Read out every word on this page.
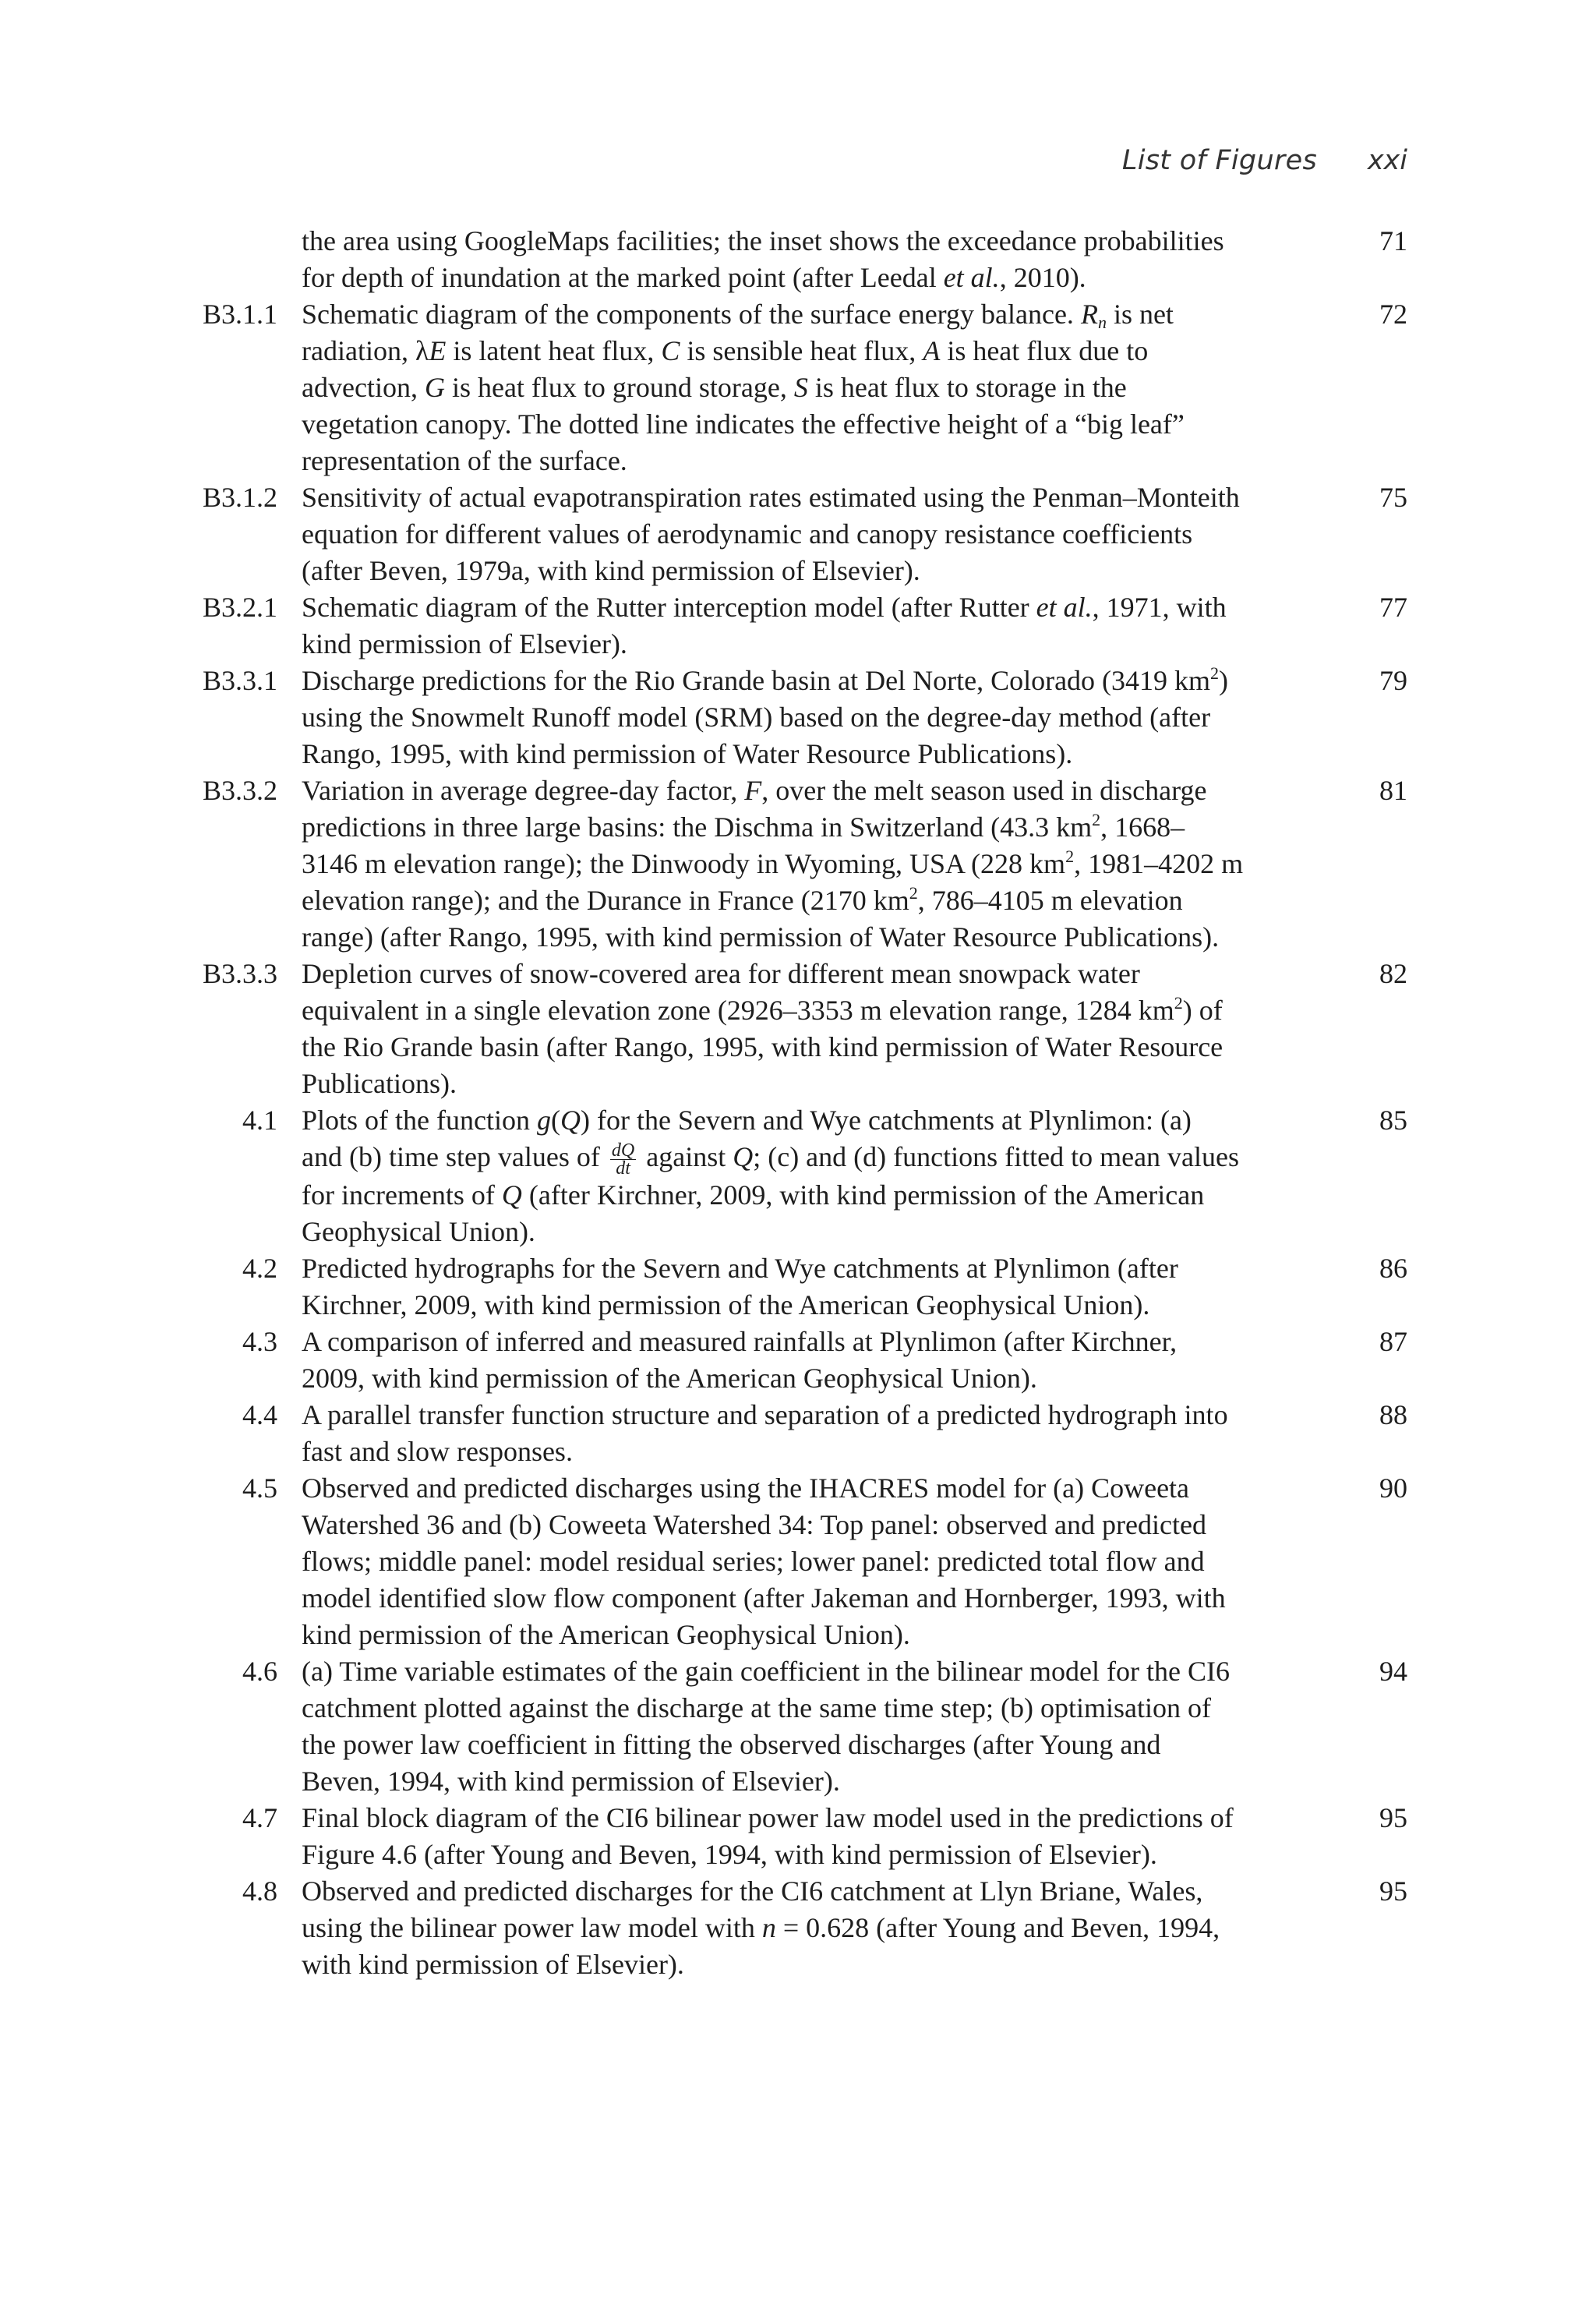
List of Figures xxi
the area using GoogleMaps facilities; the inset shows the exceedance probabilities
for depth of inundation at the marked point (after Leedal et al., 2010).
71
B3.1.1 Schematic diagram of the components of the surface energy balance. $R_n$ is net
radiation, λE is latent heat flux, C is sensible heat flux, A is heat flux due to
advection, G is heat flux to ground storage, S is heat flux to storage in the
vegetation canopy. The dotted line indicates the effective height of a “big leaf”
representation of the surface.
72
B3.1.2 Sensitivity of actual evapotranspiration rates estimated using the Penman–Monteith
equation for different values of aerodynamic and canopy resistance coefficients
(after Beven, 1979a, with kind permission of Elsevier).
75
B3.2.1 Schematic diagram of the Rutter interception model (after Rutter et al., 1971, with
kind permission of Elsevier).
77
B3.3.1 Discharge predictions for the Rio Grande basin at Del Norte, Colorado (3419 $km^2$)
using the Snowmelt Runoff model (SRM) based on the degree-day method (after
Rango, 1995, with kind permission of Water Resource Publications).
79
B3.3.2 Variation in average degree-day factor, F, over the melt season used in discharge
predictions in three large basins: the Dischma in Switzerland (43.3 $km^2$, 1668–
3146 m elevation range); the Dinwoody in Wyoming, USA (228 $km^2$, 1981–4202 m
elevation range); and the Durance in France (2170 $km^2$, 786–4105 m elevation
range) (after Rango, 1995, with kind permission of Water Resource Publications).
81
B3.3.3 Depletion curves of snow-covered area for different mean snowpack water
equivalent in a single elevation zone (2926–3353 m elevation range, 1284 $km^2$) of
the Rio Grande basin (after Rango, 1995, with kind permission of Water Resource
Publications).
82
4.1 Plots of the function g(Q) for the Severn and Wye catchments at Plynlimon: (a)
and (b) time step values of $\frac{dQ}{dt}$ against Q; (c) and (d) functions fitted to mean values
for increments of Q (after Kirchner, 2009, with kind permission of the American
Geophysical Union).
85
4.2 Predicted hydrographs for the Severn and Wye catchments at Plynlimon (after
Kirchner, 2009, with kind permission of the American Geophysical Union).
86
4.3 A comparison of inferred and measured rainfalls at Plynlimon (after Kirchner,
2009, with kind permission of the American Geophysical Union).
87
4.4 A parallel transfer function structure and separation of a predicted hydrograph into
fast and slow responses.
88
4.5 Observed and predicted discharges using the IHACRES model for (a) Coweeta
Watershed 36 and (b) Coweeta Watershed 34: Top panel: observed and predicted
flows; middle panel: model residual series; lower panel: predicted total flow and
model identified slow flow component (after Jakeman and Hornberger, 1993, with
kind permission of the American Geophysical Union).
90
4.6 (a) Time variable estimates of the gain coefficient in the bilinear model for the CI6
catchment plotted against the discharge at the same time step; (b) optimisation of
the power law coefficient in fitting the observed discharges (after Young and
Beven, 1994, with kind permission of Elsevier).
94
4.7 Final block diagram of the CI6 bilinear power law model used in the predictions of
Figure 4.6 (after Young and Beven, 1994, with kind permission of Elsevier).
95
4.8 Observed and predicted discharges for the CI6 catchment at Llyn Briane, Wales,
using the bilinear power law model with n = 0.628 (after Young and Beven, 1994,
with kind permission of Elsevier).
95
